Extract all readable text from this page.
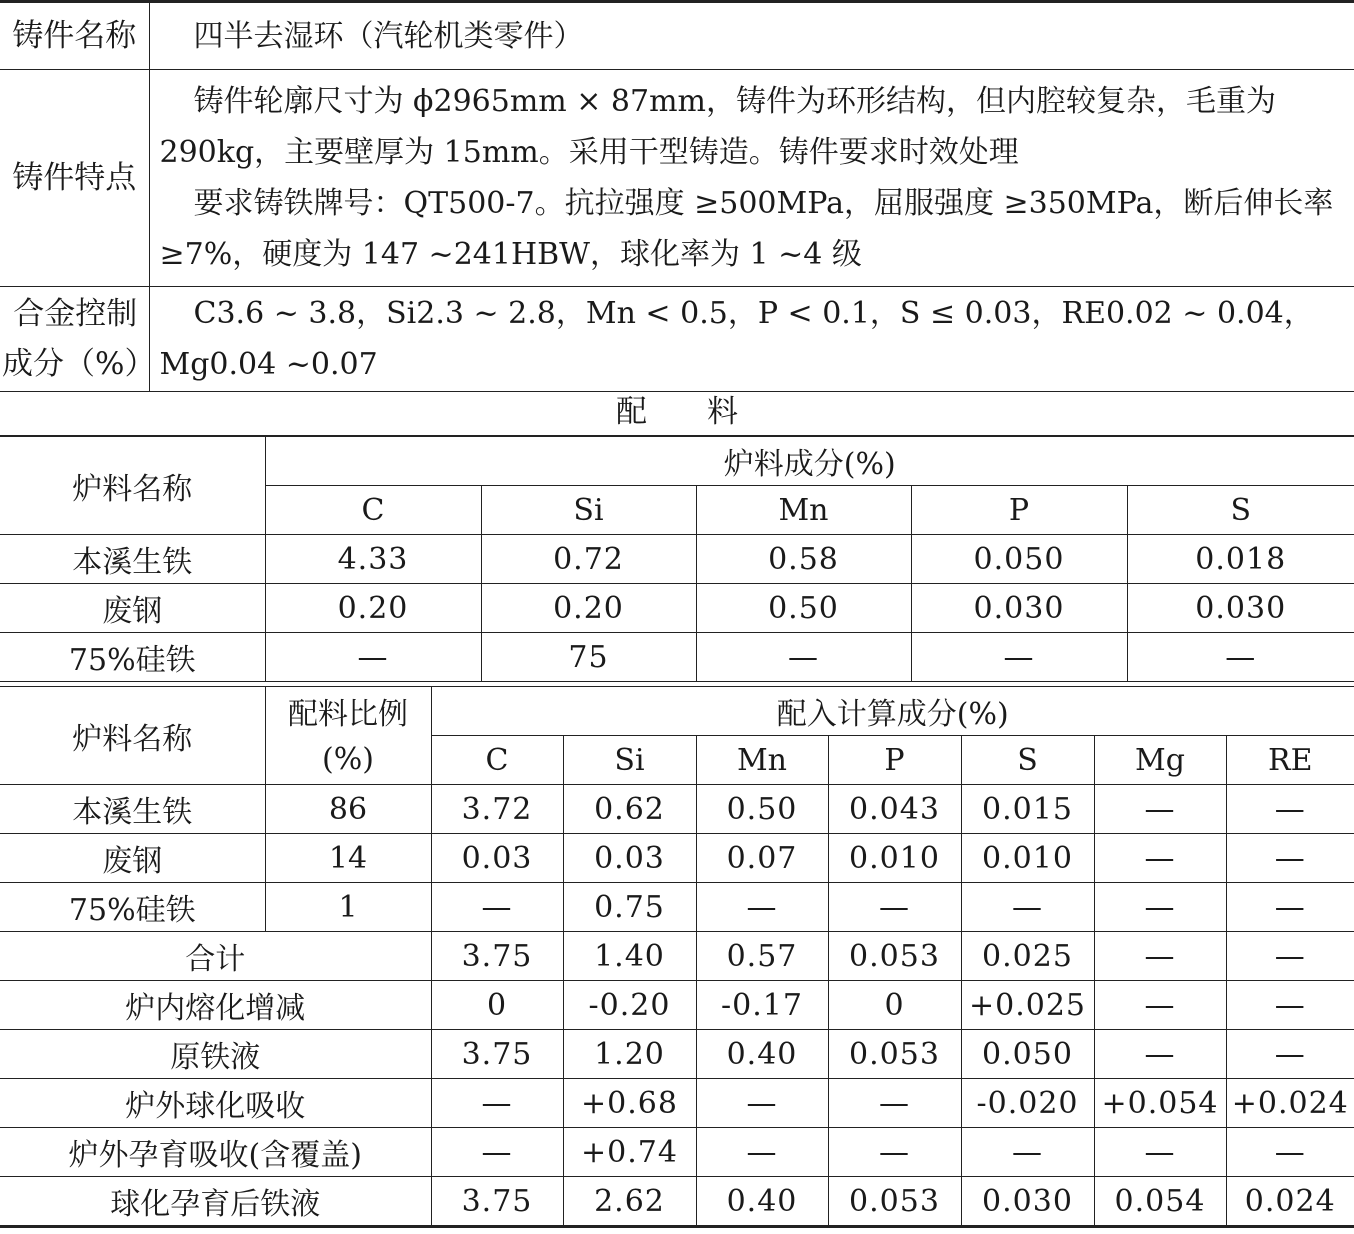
铸件名称	四半去湿环（汽轮机类零件）
铸件特点	铸件轮廓尺寸为 ϕ2965mm × 87mm，铸件为环形结构，但内腔较复杂，毛重为 290kg，主要壁厚为 15mm。采用干型铸造。铸件要求时效处理
要求铸铁牌号：QT500-7。抗拉强度 ≥500MPa，屈服强度 ≥350MPa，断后伸长率 ≥7%，硬度为 147 ~241HBW，球化率为 1 ~4 级

合金控制
成分（%）	C3.6 ~ 3.8，Si2.3 ~ 2.8，Mn < 0.5，P < 0.1，S ≤ 0.03，RE0.02 ~ 0.04，Mg0.04 ~0.07
配料
炉料名称	炉料成分(%)				
	C	Si	Mn	P	S
本溪生铁	4.33	0.72	0.58	0.050	0.018
废钢	0.20	0.20	0.50	0.030	0.030
75%硅铁	—	75	—	—	—
炉料名称	配料比例	配入计算成分(%)						
	(%)	C	Si	Mn	P	S	Mg	RE
本溪生铁	86	3.72	0.62	0.50	0.043	0.015	—	—
废钢	14	0.03	0.03	0.07	0.010	0.010	—	—
75%硅铁	1	—	0.75	—	—	—	—	—
合计		3.75	1.40	0.57	0.053	0.025	—	—
炉内熔化增减		0	-0.20	-0.17	0	+0.025	—	—
原铁液		3.75	1.20	0.40	0.053	0.050	—	—
炉外球化吸收		—	+0.68	—	—	-0.020	+0.054	+0.024
炉外孕育吸收(含覆盖)		—	+0.74	—	—	—	—	—
球化孕育后铁液		3.75	2.62	0.40	0.053	0.030	0.054	0.024
